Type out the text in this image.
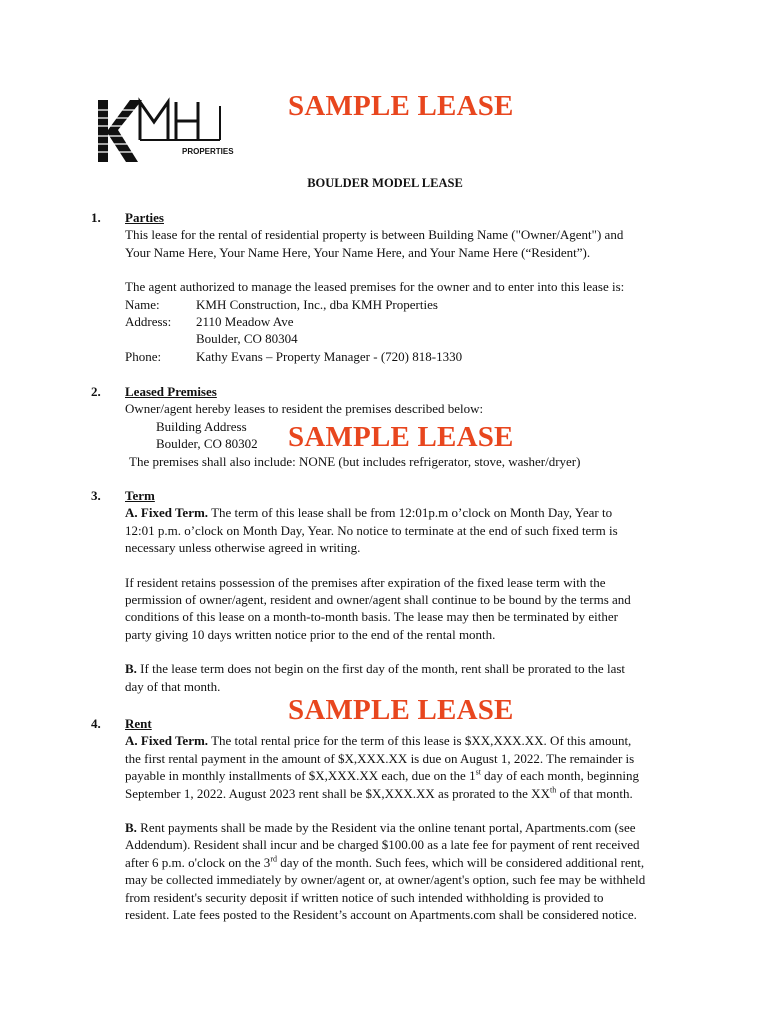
PROPERTIES
SAMPLE LEASE
SAMPLE LEASE
SAMPLE LEASE
BOULDER MODEL LEASE
1. Parties
This lease for the rental of residential property is between Building Name ("Owner/Agent") and
Your Name Here, Your Name Here, Your Name Here, and Your Name Here (“Resident”).
The agent authorized to manage the leased premises for the owner and to enter into this lease is:
Name:	KMH Construction, Inc., dba KMH Properties
Address: 2110 Meadow Ave
Boulder, CO 80304
Phone:	Kathy Evans – Property Manager - (720) 818-1330
2. Leased Premises
Owner/agent hereby leases to resident the premises described below:
Building Address
Boulder, CO 80302
The premises shall also include: NONE (but includes refrigerator, stove, washer/dryer)
3. Term
A. Fixed Term. The term of this lease shall be from 12:01p.m o’clock on Month Day, Year to
12:01 p.m. o’clock on Month Day, Year. No notice to terminate at the end of such fixed term is
necessary unless otherwise agreed in writing.
If resident retains possession of the premises after expiration of the fixed lease term with the
permission of owner/agent, resident and owner/agent shall continue to be bound by the terms and
conditions of this lease on a month-to-month basis. The lease may then be terminated by either
party giving 10 days written notice prior to the end of the rental month.
B. If the lease term does not begin on the first day of the month, rent shall be prorated to the last
day of that month.
4. Rent
A. Fixed Term. The total rental price for the term of this lease is $XX,XXX.XX. Of this amount,
the first rental payment in the amount of $X,XXX.XX is due on August 1, 2022. The remainder is
payable in monthly installments of $X,XXX.XX each, due on the 1st day of each month, beginning
September 1, 2022. August 2023 rent shall be $X,XXX.XX as prorated to the XXth of that month.
B. Rent payments shall be made by the Resident via the online tenant portal, Apartments.com (see
Addendum). Resident shall incur and be charged $100.00 as a late fee for payment of rent received
after 6 p.m. o'clock on the 3rd day of the month. Such fees, which will be considered additional rent,
may be collected immediately by owner/agent or, at owner/agent's option, such fee may be withheld
from resident's security deposit if written notice of such intended withholding is provided to
resident. Late fees posted to the Resident’s account on Apartments.com shall be considered notice.
